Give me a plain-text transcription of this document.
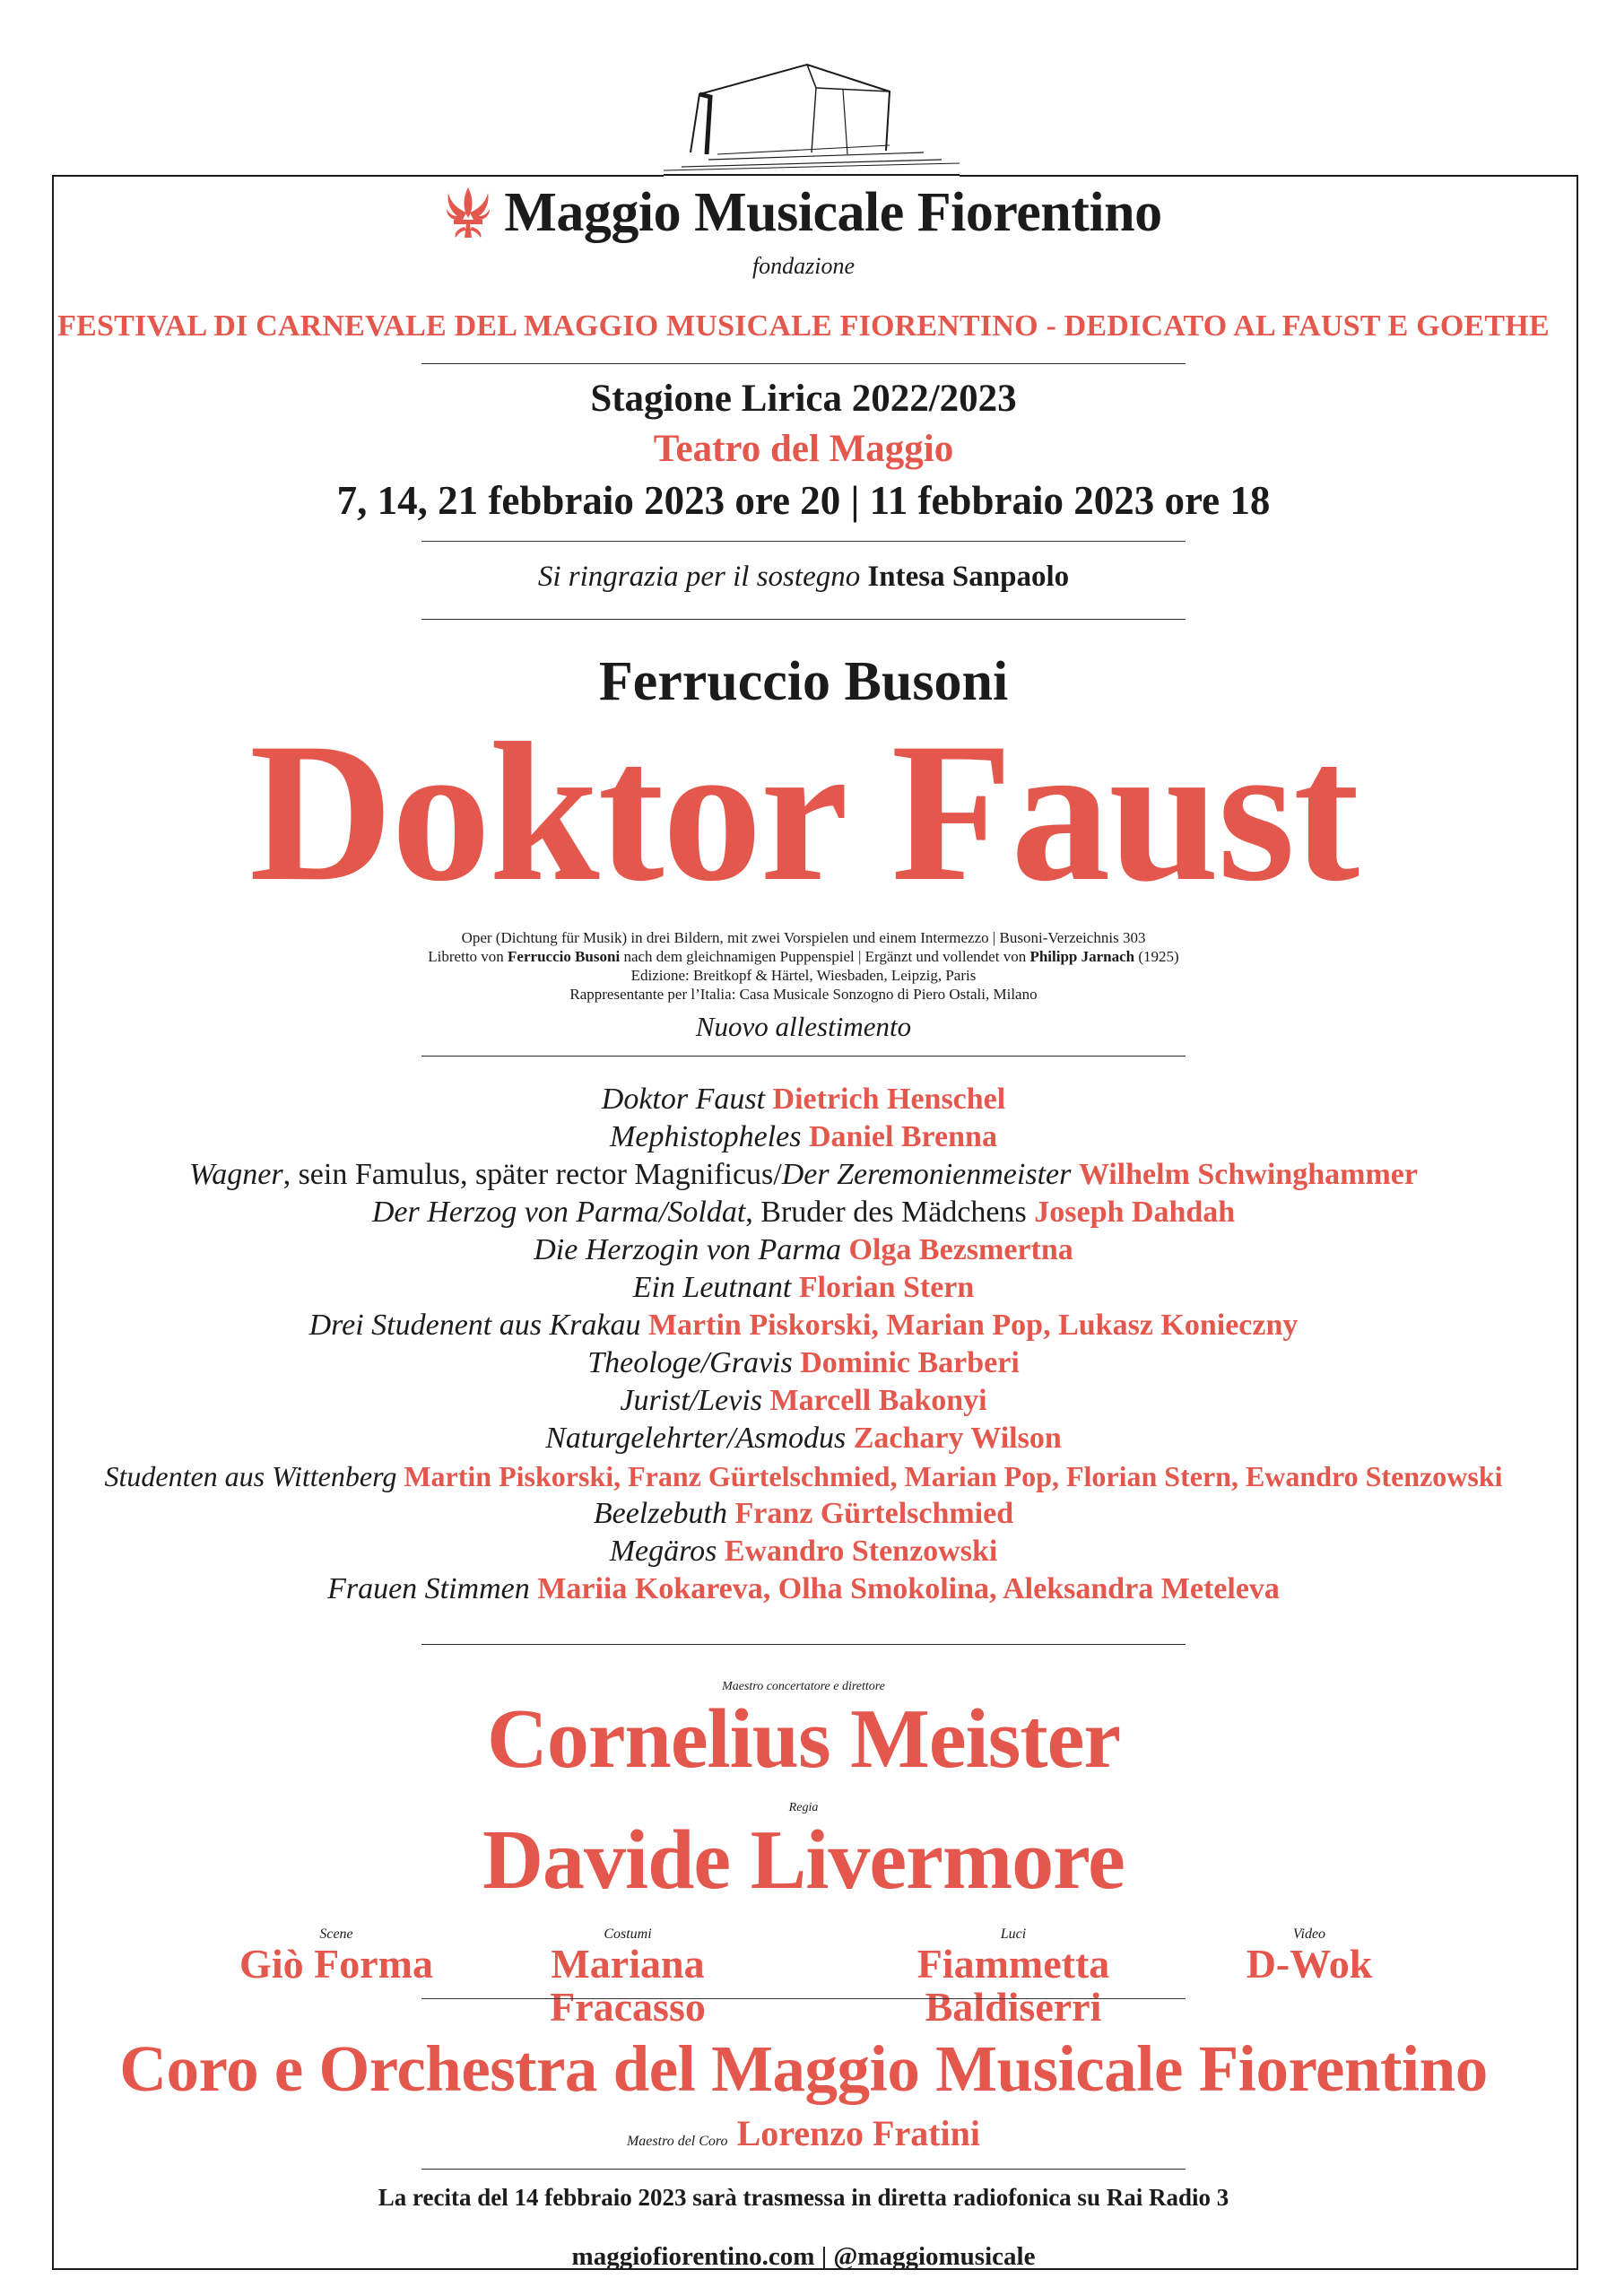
Maggio Musicale Fiorentino
fondazione
FESTIVAL DI CARNEVALE DEL MAGGIO MUSICALE FIORENTINO - DEDICATO AL FAUST E GOETHE
Stagione Lirica 2022/2023
Teatro del Maggio
7, 14, 21 febbraio 2023 ore 20 | 11 febbraio 2023 ore 18
Si ringrazia per il sostegno Intesa Sanpaolo
Ferruccio Busoni
Doktor Faust
Oper (Dichtung für Musik) in drei Bildern, mit zwei Vorspielen und einem Intermezzo | Busoni-Verzeichnis 303
Libretto von Ferruccio Busoni nach dem gleichnamigen Puppenspiel | Ergänzt und vollendet von Philipp Jarnach (1925)
Edizione: Breitkopf & Härtel, Wiesbaden, Leipzig, Paris
Rappresentante per l’Italia: Casa Musicale Sonzogno di Piero Ostali, Milano
Nuovo allestimento
Doktor Faust Dietrich Henschel
Mephistopheles Daniel Brenna
Wagner, sein Famulus, später rector Magnificus/Der Zeremonienmeister Wilhelm Schwinghammer
Der Herzog von Parma/Soldat, Bruder des Mädchens Joseph Dahdah
Die Herzogin von Parma Olga Bezsmertna
Ein Leutnant Florian Stern
Drei Studenent aus Krakau Martin Piskorski, Marian Pop, Lukasz Konieczny
Theologe/Gravis Dominic Barberi
Jurist/Levis Marcell Bakonyi
Naturgelehrter/Asmodus Zachary Wilson
Studenten aus Wittenberg Martin Piskorski, Franz Gürtelschmied, Marian Pop, Florian Stern, Ewandro Stenzowski
Beelzebuth Franz Gürtelschmied
Megäros Ewandro Stenzowski
Frauen Stimmen Mariia Kokareva, Olha Smokolina, Aleksandra Meteleva
Maestro concertatore e direttore
Cornelius Meister
Regia
Davide Livermore
Scene
Giò Forma
Costumi
Mariana Fracasso
Luci
Fiammetta Baldiserri
Video
D-Wok
Coro e Orchestra del Maggio Musicale Fiorentino
Maestro del Coro Lorenzo Fratini
La recita del 14 febbraio 2023 sarà trasmessa in diretta radiofonica su Rai Radio 3
maggiofiorentino.com | @maggiomusicale
